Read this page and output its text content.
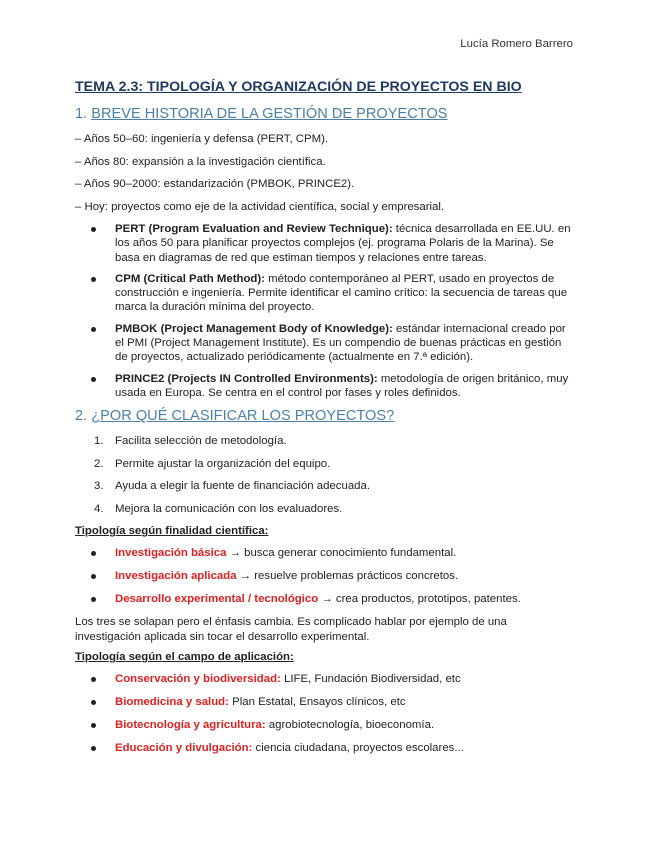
Lucía Romero Barrero
TEMA 2.3: TIPOLOGÍA Y ORGANIZACIÓN DE PROYECTOS EN BIO
1. BREVE HISTORIA DE LA GESTIÓN DE PROYECTOS
– Años 50–60: ingeniería y defensa (PERT, CPM).
– Años 80: expansión a la investigación científica.
– Años 90–2000: estandarización (PMBOK, PRINCE2).
– Hoy: proyectos como eje de la actividad científica, social y empresarial.
PERT (Program Evaluation and Review Technique): técnica desarrollada en EE.UU. en los años 50 para planificar proyectos complejos (ej. programa Polaris de la Marina). Se basa en diagramas de red que estiman tiempos y relaciones entre tareas.
CPM (Critical Path Method): método contemporáneo al PERT, usado en proyectos de construcción e ingeniería. Permite identificar el camino crítico: la secuencia de tareas que marca la duración mínima del proyecto.
PMBOK (Project Management Body of Knowledge): estándar internacional creado por el PMI (Project Management Institute). Es un compendio de buenas prácticas en gestión de proyectos, actualizado periódicamente (actualmente en 7.ª edición).
PRINCE2 (Projects IN Controlled Environments): metodología de origen británico, muy usada en Europa. Se centra en el control por fases y roles definidos.
2. ¿POR QUÉ CLASIFICAR LOS PROYECTOS?
1. Facilita selección de metodología.
2. Permite ajustar la organización del equipo.
3. Ayuda a elegir la fuente de financiación adecuada.
4. Mejora la comunicación con los evaluadores.
Tipología según finalidad científica:
Investigación básica → busca generar conocimiento fundamental.
Investigación aplicada → resuelve problemas prácticos concretos.
Desarrollo experimental / tecnológico → crea productos, prototipos, patentes.
Los tres se solapan pero el énfasis cambia. Es complicado hablar por ejemplo de una investigación aplicada sin tocar el desarrollo experimental.
Tipología según el campo de aplicación:
Conservación y biodiversidad: LIFE, Fundación Biodiversidad, etc
Biomedicina y salud: Plan Estatal, Ensayos clínicos, etc
Biotecnología y agricultura: agrobiotecnología, bioeconomía.
Educación y divulgación: ciencia ciudadana, proyectos escolares...
